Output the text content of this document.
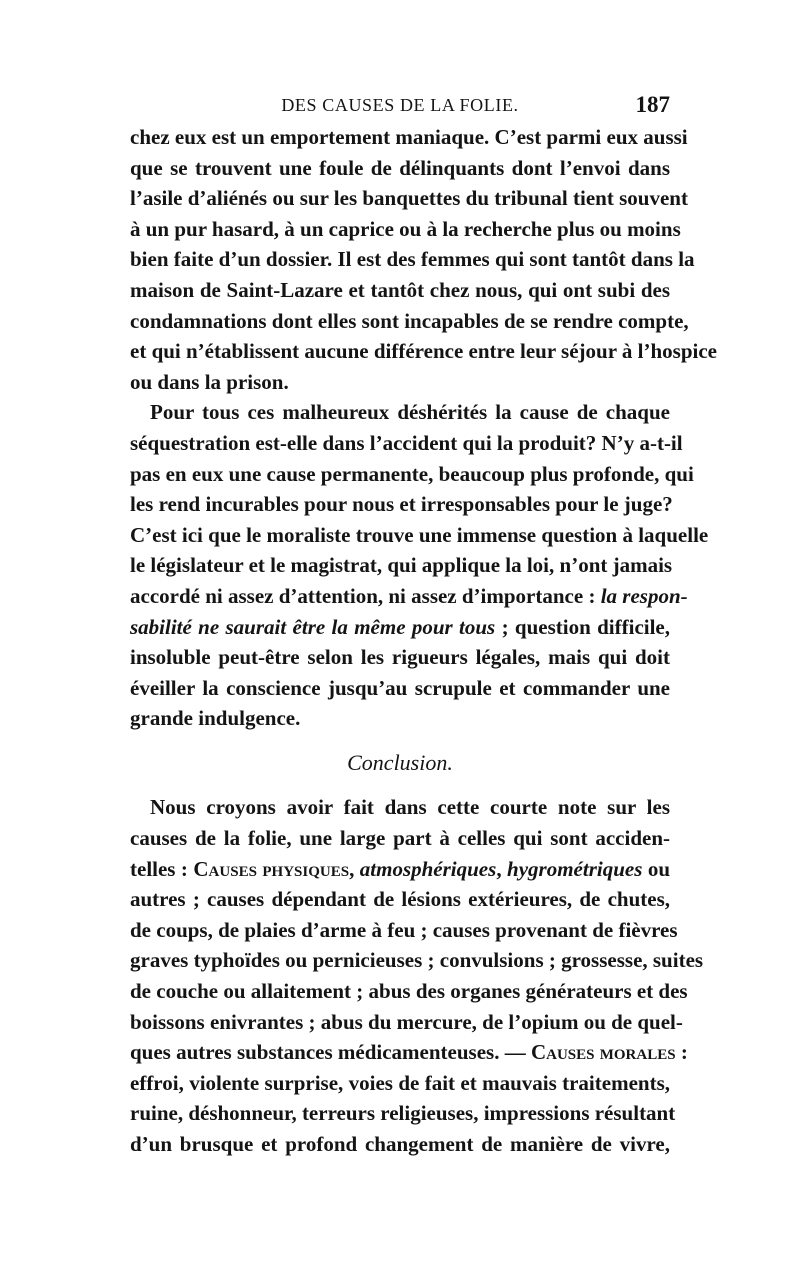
DES CAUSES DE LA FOLIE.	187
chez eux est un emportement maniaque. C’est parmi eux aussi
que se trouvent une foule de délinquants dont l’envoi dans
l’asile d’aliénés ou sur les banquettes du tribunal tient souvent
à un pur hasard, à un caprice ou à la recherche plus ou moins
bien faite d’un dossier. Il est des femmes qui sont tantôt dans la
maison de Saint-Lazare et tantôt chez nous, qui ont subi des
condamnations dont elles sont incapables de se rendre compte,
et qui n’établissent aucune différence entre leur séjour à l’hospice
ou dans la prison.
Pour tous ces malheureux déshérités la cause de chaque
séquestration est-elle dans l’accident qui la produit? N’y a-t-il
pas en eux une cause permanente, beaucoup plus profonde, qui
les rend incurables pour nous et irresponsables pour le juge?
C’est ici que le moraliste trouve une immense question à laquelle
le législateur et le magistrat, qui applique la loi, n’ont jamais
accordé ni assez d’attention, ni assez d’importance : la respon-
sabilité ne saurait être la même pour tous ; question difficile,
insoluble peut-être selon les rigueurs légales, mais qui doit
éveiller la conscience jusqu’au scrupule et commander une
grande indulgence.
Conclusion.
Nous croyons avoir fait dans cette courte note sur les
causes de la folie, une large part à celles qui sont acciden-
telles : Causes physiques, atmosphériques, hygrométriques ou
autres ; causes dépendant de lésions extérieures, de chutes,
de coups, de plaies d’arme à feu ; causes provenant de fièvres
graves typhoïdes ou pernicieuses ; convulsions ; grossesse, suites
de couche ou allaitement ; abus des organes générateurs et des
boissons enivrantes ; abus du mercure, de l’opium ou de quel-
ques autres substances médicamenteuses. — Causes morales :
effroi, violente surprise, voies de fait et mauvais traitements,
ruine, déshonneur, terreurs religieuses, impressions résultant
d’un brusque et profond changement de manière de vivre,
